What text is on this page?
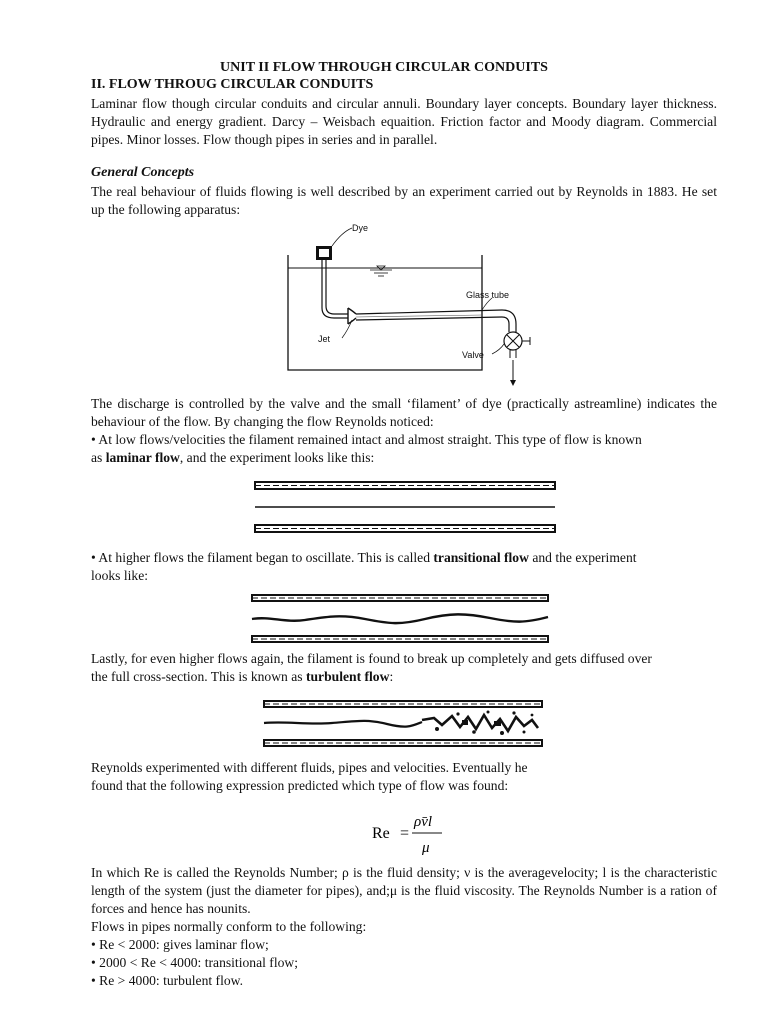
UNIT II FLOW THROUGH CIRCULAR CONDUITS
II. FLOW THROUG CIRCULAR CONDUITS

Laminar flow though circular conduits and circular annuli. Boundary layer concepts. Boundary layer thickness. Hydraulic and energy gradient. Darcy – Weisbach equaition. Friction factor and Moody diagram. Commercial pipes. Minor losses. Flow though pipes in series and in parallel.

General Concepts

The real behaviour of fluids flowing is well described by an experiment carried out by Reynolds in 1883. He set up the following apparatus:

Dye
Glass tube
Jet
Valve

The discharge is controlled by the valve and the small ‘filament’ of dye (practically astreamline) indicates the behaviour of the flow. By changing the flow Reynolds noticed:

• At low flows/velocities the filament remained intact and almost straight. This type of flow is known
as laminar flow, and the experiment looks like this:
• At higher flows the filament began to oscillate. This is called transitional flow and the experiment
looks like:
Lastly, for even higher flows again, the filament is found to break up completely and gets diffused over
the full cross-section. This is known as turbulent flow:
Reynolds experimented with different fluids, pipes and velocities. Eventually he
found that the following expression predicted which type of flow was found:
Re =
ρv̄l
μ

In which Re is called the Reynolds Number; ρ is the fluid density; ν is the averagevelocity; l is the characteristic length of the system (just the diameter for pipes), and;μ is the fluid viscosity. The Reynolds Number is a ration of forces and hence has nounits.

Flows in pipes normally conform to the following:
• Re < 2000: gives laminar flow;
• 2000 < Re < 4000: transitional flow;
• Re > 4000: turbulent flow.
